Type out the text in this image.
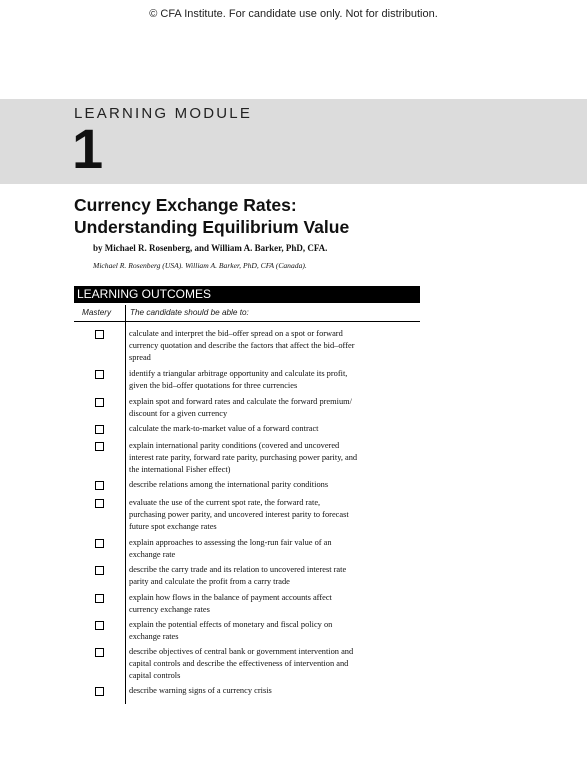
© CFA Institute. For candidate use only. Not for distribution.
LEARNING MODULE
1
Currency Exchange Rates:
Understanding Equilibrium Value
by Michael R. Rosenberg, and William A. Barker, PhD, CFA.
Michael R. Rosenberg (USA). William A. Barker, PhD, CFA (Canada).
LEARNING OUTCOMES
Mastery The candidate should be able to:
calculate and interpret the bid–offer spread on a spot or forward
currency quotation and describe the factors that affect the bid–offer
spread
identify a triangular arbitrage opportunity and calculate its profit,
given the bid–offer quotations for three currencies
explain spot and forward rates and calculate the forward premium/
discount for a given currency
calculate the mark-to-market value of a forward contract
explain international parity conditions (covered and uncovered
interest rate parity, forward rate parity, purchasing power parity, and
the international Fisher effect)
describe relations among the international parity conditions
evaluate the use of the current spot rate, the forward rate,
purchasing power parity, and uncovered interest parity to forecast
future spot exchange rates
explain approaches to assessing the long-run fair value of an
exchange rate
describe the carry trade and its relation to uncovered interest rate
parity and calculate the profit from a carry trade
explain how flows in the balance of payment accounts affect
currency exchange rates
explain the potential effects of monetary and fiscal policy on
exchange rates
describe objectives of central bank or government intervention and
capital controls and describe the effectiveness of intervention and
capital controls
describe warning signs of a currency crisis
